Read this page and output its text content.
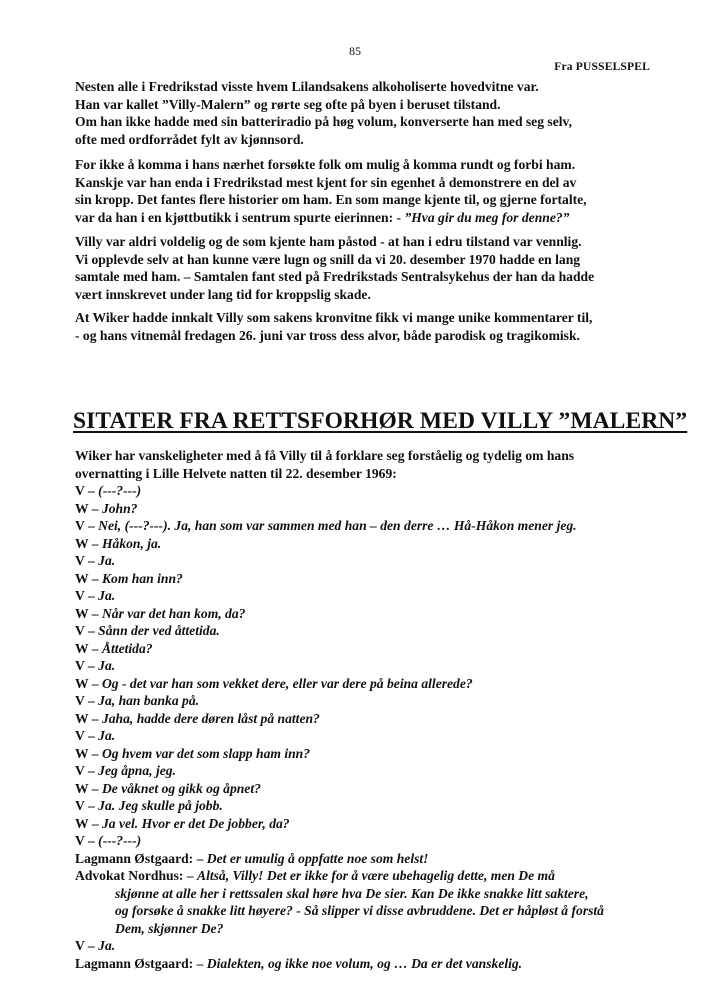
85
Fra PUSSELSPEL
Nesten alle i Fredrikstad visste hvem Lilandsakens alkoholiserte hovedvitne var.
Han var kallet ”Villy-Malern” og rørte seg ofte på byen i beruset tilstand.
Om han ikke hadde med sin batteriradio på høg volum, konverserte han med seg selv,
ofte med ordforrådet fylt av kjønnsord.
For ikke å komma i hans nærhet forsøkte folk om mulig å komma rundt og forbi ham.
Kanskje var han enda i Fredrikstad mest kjent for sin egenhet å demonstrere en del av
sin kropp. Det fantes flere historier om ham. En som mange kjente til, og gjerne fortalte,
var da han i en kjøttbutikk i sentrum spurte eierinnen: - ”Hva gir du meg for denne?”
Villy var aldri voldelig og de som kjente ham påstod - at han i edru tilstand var vennlig.
Vi opplevde selv at han kunne være lugn og snill da vi 20. desember 1970 hadde en lang
samtale med ham. – Samtalen fant sted på Fredrikstads Sentralsykehus der han da hadde
vært innskrevet under lang tid for kroppslig skade.
At Wiker hadde innkalt Villy som sakens kronvitne fikk vi mange unike kommentarer til,
- og hans vitnemål fredagen 26. juni var tross dess alvor, både parodisk og tragikomisk.
SITATER FRA RETTSFORHØR MED VILLY ”MALERN”
Wiker har vanskeligheter med å få Villy til å forklare seg forståelig og tydelig om hans
overnatting i Lille Helvete natten til 22. desember 1969:
V – (---?---)
W – John?
V – Nei, (---?---). Ja, han som var sammen med han – den derre … Hå-Håkon mener jeg.
W – Håkon, ja.
V – Ja.
W – Kom han inn?
V – Ja.
W – Når var det han kom, da?
V – Sånn der ved åttetida.
W – Åttetida?
V – Ja.
W – Og - det var han som vekket dere, eller var dere på beina allerede?
V – Ja, han banka på.
W – Jaha, hadde dere døren låst på natten?
V – Ja.
W – Og hvem var det som slapp ham inn?
V – Jeg åpna, jeg.
W – De våknet og gikk og åpnet?
V – Ja. Jeg skulle på jobb.
W – Ja vel. Hvor er det De jobber, da?
V – (---?---)
Lagmann Østgaard: – Det er umulig å oppfatte noe som helst!
Advokat Nordhus: – Altså, Villy! Det er ikke for å være ubehagelig dette, men De må
skjønne at alle her i rettssalen skal høre hva De sier. Kan De ikke snakke litt saktere,
og forsøke å snakke litt høyere? - Så slipper vi disse avbruddene. Det er håpløst å forstå
Dem, skjønner De?
V – Ja.
Lagmann Østgaard: – Dialekten, og ikke noe volum, og … Da er det vanskelig.
